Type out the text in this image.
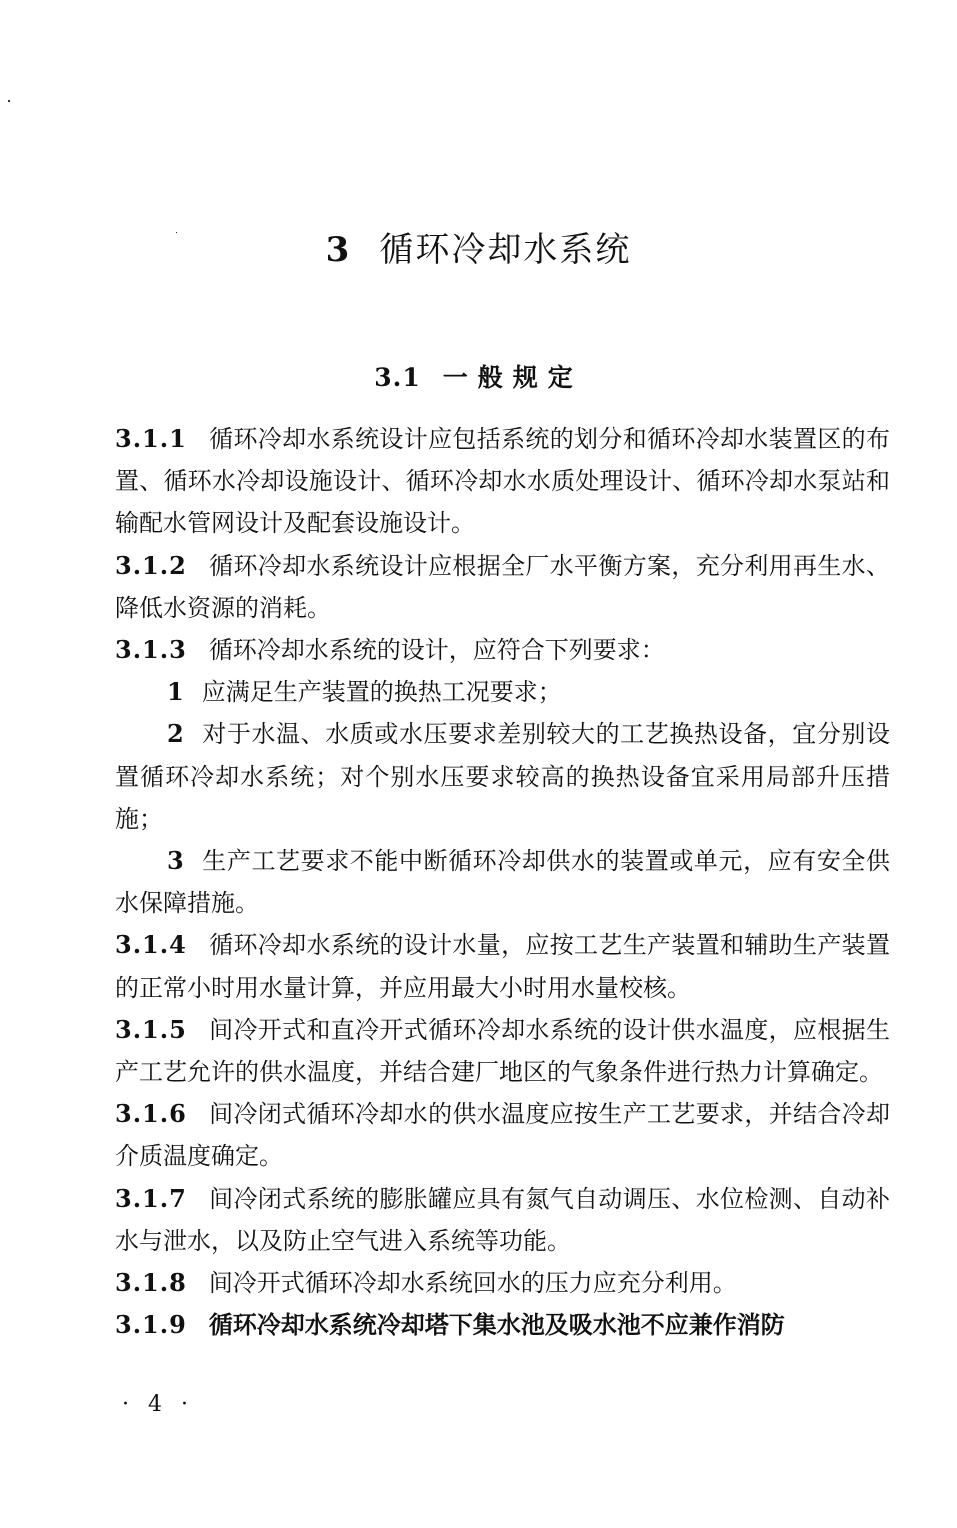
3 循环冷却水系统
3.1 一般规定

3.1.1 循环冷却水系统设计应包括系统的划分和循环冷却水装置区的布置、循环水冷却设施设计、循环冷却水水质处理设计、循环冷却水泵站和输配水管网设计及配套设施设计。

3.1.2 循环冷却水系统设计应根据全厂水平衡方案，充分利用再生水、降低水资源的消耗。

3.1.3 循环冷却水系统的设计，应符合下列要求：

1 应满足生产装置的换热工况要求；

2 对于水温、水质或水压要求差别较大的工艺换热设备，宜分别设置循环冷却水系统；对个别水压要求较高的换热设备宜采用局部升压措施；

3 生产工艺要求不能中断循环冷却供水的装置或单元，应有安全供水保障措施。

3.1.4 循环冷却水系统的设计水量，应按工艺生产装置和辅助生产装置的正常小时用水量计算，并应用最大小时用水量校核。

3.1.5 间冷开式和直冷开式循环冷却水系统的设计供水温度，应根据生产工艺允许的供水温度，并结合建厂地区的气象条件进行热力计算确定。

3.1.6 间冷闭式循环冷却水的供水温度应按生产工艺要求，并结合冷却介质温度确定。

3.1.7 间冷闭式系统的膨胀罐应具有氮气自动调压、水位检测、自动补水与泄水，以及防止空气进入系统等功能。

3.1.8 间冷开式循环冷却水系统回水的压力应充分利用。

3.1.9 循环冷却水系统冷却塔下集水池及吸水池不应兼作消防

· 4 ·
